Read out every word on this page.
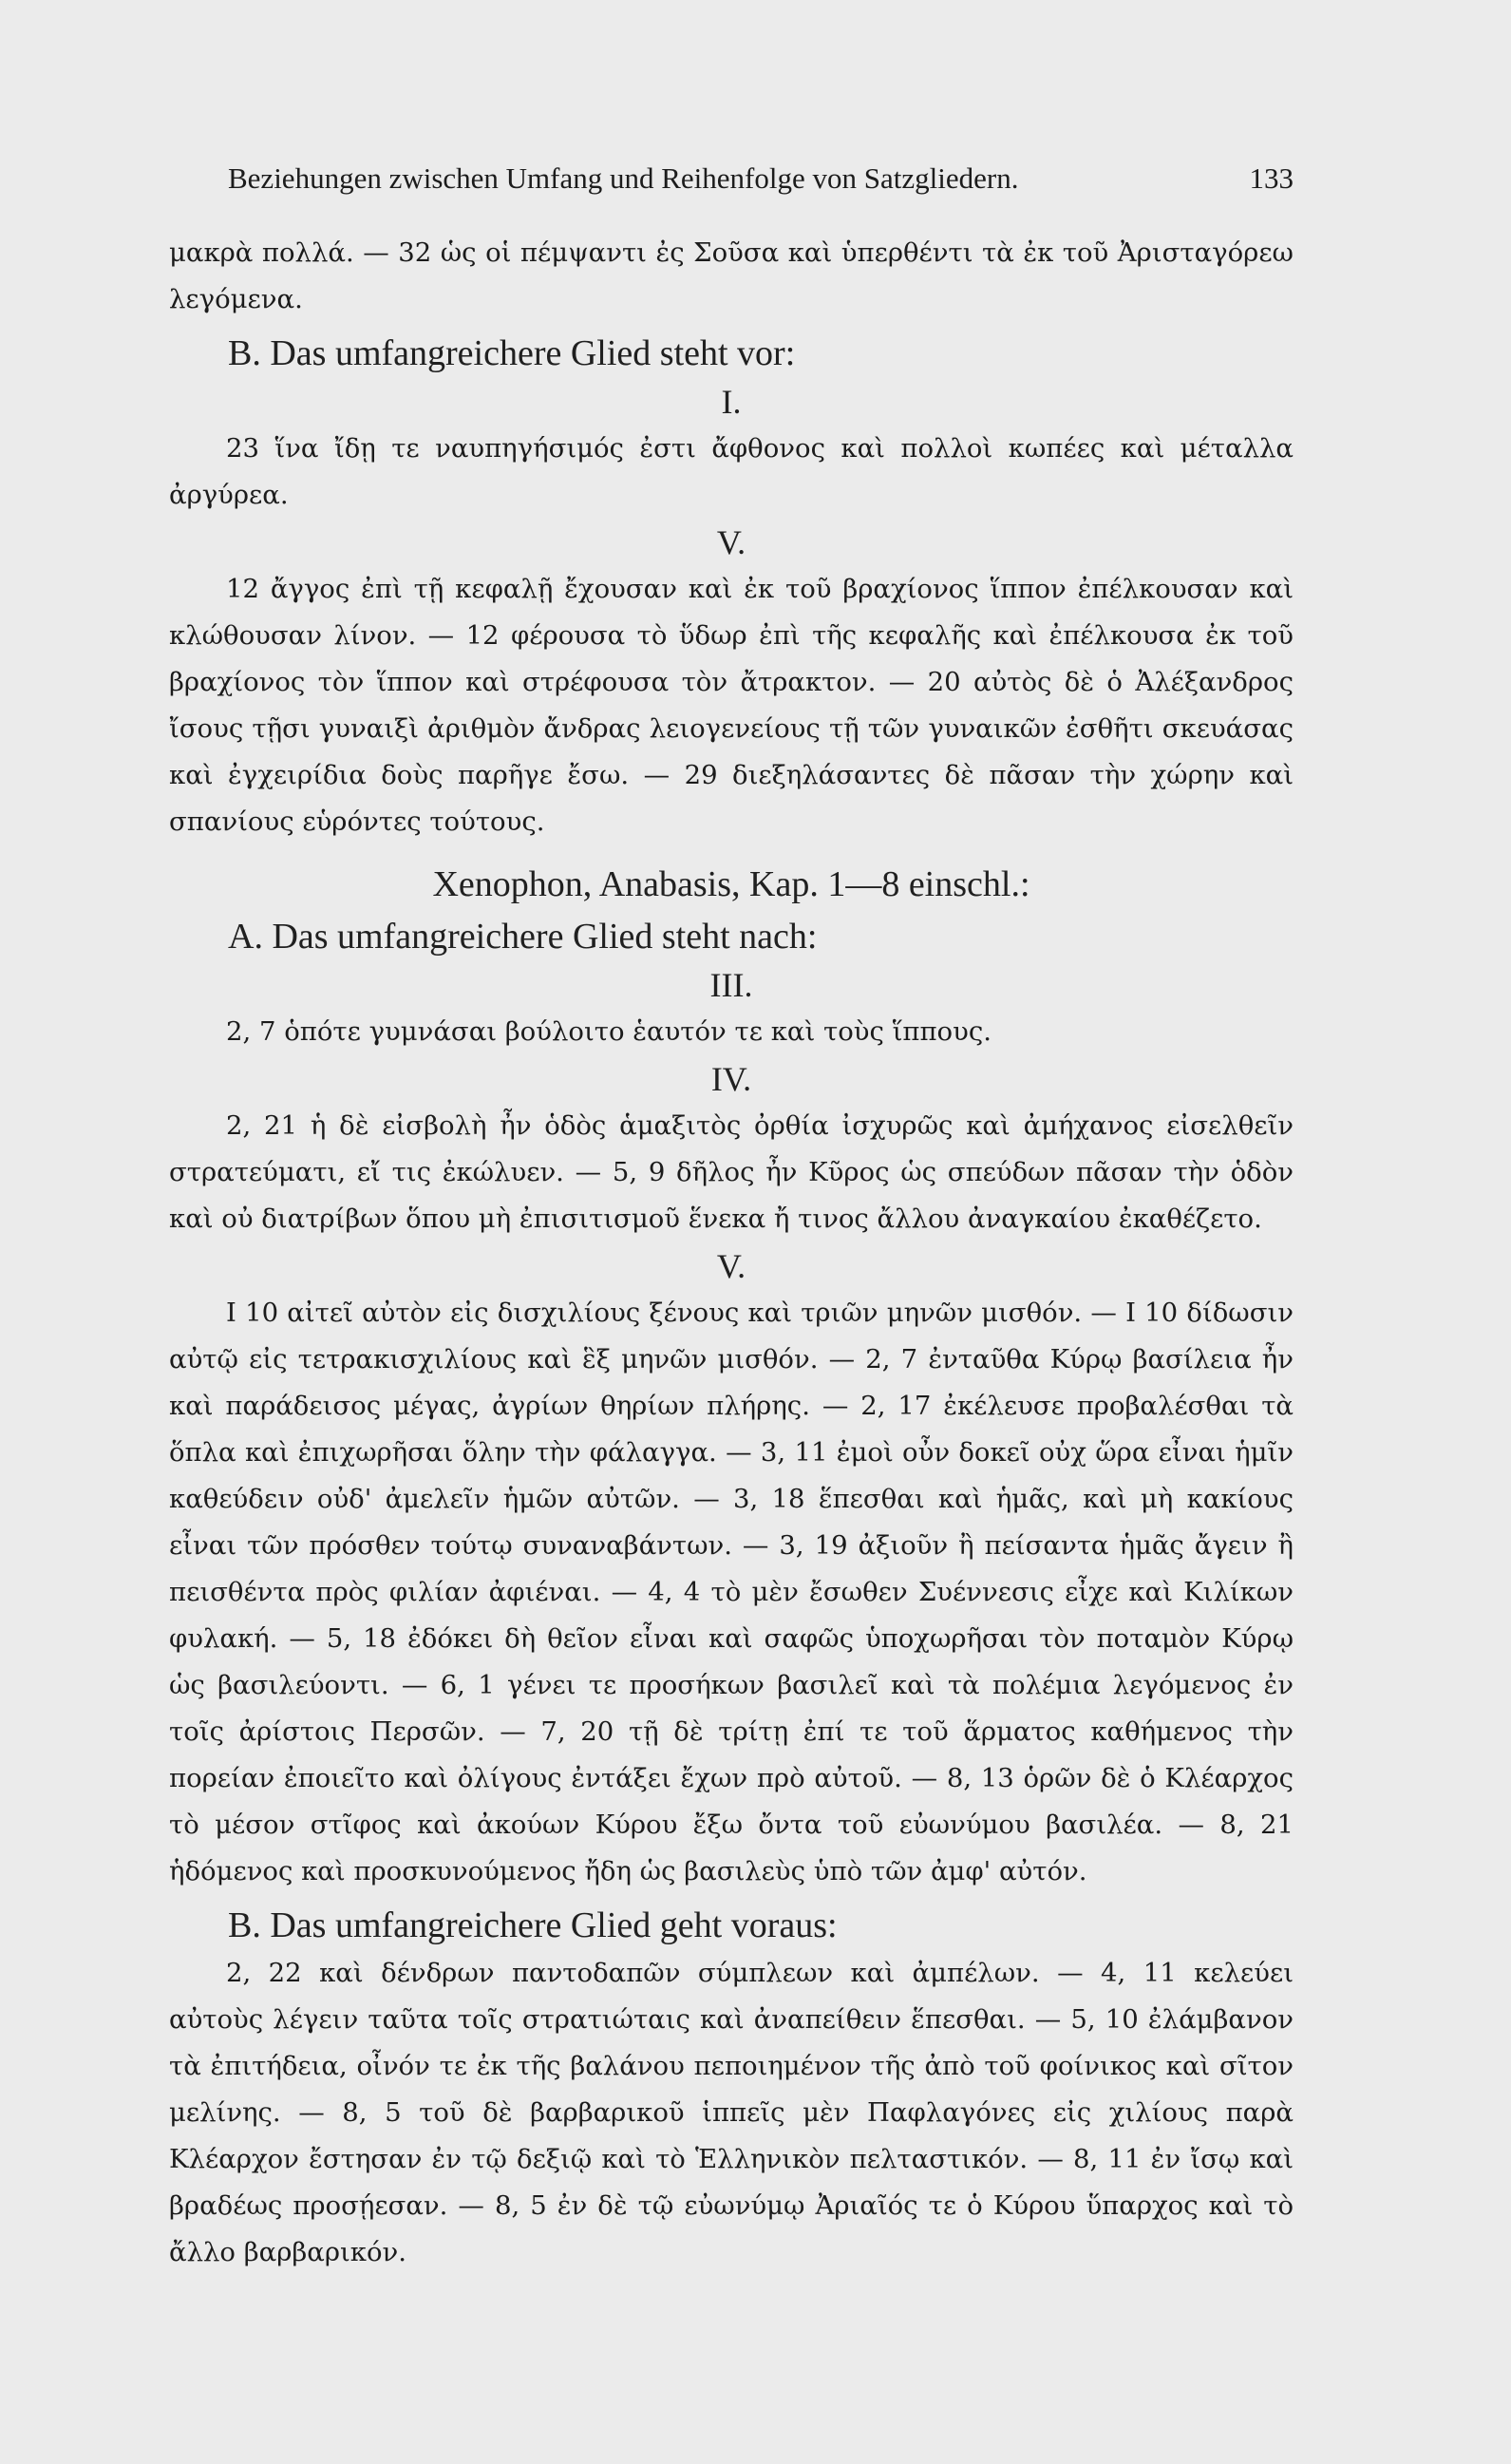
Beziehungen zwischen Umfang und Reihenfolge von Satzgliedern.	133

μακρὰ πολλά. — 32 ὡς οἱ πέμψαντι ἐς Σοῦσα καὶ ὑπερθέντι τὰ ἐκ τοῦ Ἀρισταγόρεω λεγόμενα.

B. Das umfangreichere Glied steht vor:

I.

23 ἵνα ἴδῃ τε ναυπηγήσιμός ἐστι ἄφθονος καὶ πολλοὶ κωπέες καὶ μέταλλα ἀργύρεα.

V.

12 ἄγγος ἐπὶ τῇ κεφαλῇ ἔχουσαν καὶ ἐκ τοῦ βραχίονος ἵππον ἐπέλκουσαν καὶ κλώθουσαν λίνον. — 12 φέρουσα τὸ ὕδωρ ἐπὶ τῆς κεφαλῆς καὶ ἐπέλκουσα ἐκ τοῦ βραχίονος τὸν ἵππον καὶ στρέφουσα τὸν ἄτρακτον. — 20 αὐτὸς δὲ ὁ Ἀλέξανδρος ἴσους τῇσι γυναιξὶ ἀριθμὸν ἄνδρας λειογενείους τῇ τῶν γυναικῶν ἐσθῆτι σκευάσας καὶ ἐγχειρίδια δοὺς παρῆγε ἔσω. — 29 διεξηλάσαντες δὲ πᾶσαν τὴν χώρην καὶ σπανίους εὑρόντες τούτους.

Xenophon, Anabasis, Kap. 1—8 einschl.:

A. Das umfangreichere Glied steht nach:

III.

2, 7 ὁπότε γυμνάσαι βούλοιτο ἑαυτόν τε καὶ τοὺς ἵππους.

IV.

2, 21 ἡ δὲ εἰσβολὴ ἦν ὁδὸς ἁμαξιτὸς ὀρθία ἰσχυρῶς καὶ ἀμήχανος εἰσελθεῖν στρατεύματι, εἴ τις ἐκώλυεν. — 5, 9 δῆλος ἦν Κῦρος ὡς σπεύδων πᾶσαν τὴν ὁδὸν καὶ οὐ διατρίβων ὅπου μὴ ἐπισιτισμοῦ ἕνεκα ἤ τινος ἄλλου ἀναγκαίου ἐκαθέζετο.

V.

I 10 αἰτεῖ αὐτὸν εἰς δισχιλίους ξένους καὶ τριῶν μηνῶν μισθόν. — I 10 δίδωσιν αὐτῷ εἰς τετρακισχιλίους καὶ ἓξ μηνῶν μισθόν. — 2, 7 ἐνταῦθα Κύρῳ βασίλεια ἦν καὶ παράδεισος μέγας, ἀγρίων θηρίων πλήρης. — 2, 17 ἐκέλευσε προβαλέσθαι τὰ ὅπλα καὶ ἐπιχωρῆσαι ὅλην τὴν φάλαγγα. — 3, 11 ἐμοὶ οὖν δοκεῖ οὐχ ὥρα εἶναι ἡμῖν καθεύδειν οὐδ' ἀμελεῖν ἡμῶν αὐτῶν. — 3, 18 ἕπεσθαι καὶ ἡμᾶς, καὶ μὴ κακίους εἶναι τῶν πρόσθεν τούτῳ συναναβάντων. — 3, 19 ἀξιοῦν ἢ πείσαντα ἡμᾶς ἄγειν ἢ πεισθέντα πρὸς φιλίαν ἀφιέναι. — 4, 4 τὸ μὲν ἔσωθεν Συέννεσις εἶχε καὶ Κιλίκων φυλακή. — 5, 18 ἐδόκει δὴ θεῖον εἶναι καὶ σαφῶς ὑποχωρῆσαι τὸν ποταμὸν Κύρῳ ὡς βασιλεύοντι. — 6, 1 γένει τε προσήκων βασιλεῖ καὶ τὰ πολέμια λεγόμενος ἐν τοῖς ἀρίστοις Περσῶν. — 7, 20 τῇ δὲ τρίτῃ ἐπί τε τοῦ ἅρματος καθήμενος τὴν πορείαν ἐποιεῖτο καὶ ὀλίγους ἐντάξει ἔχων πρὸ αὐτοῦ. — 8, 13 ὁρῶν δὲ ὁ Κλέαρχος τὸ μέσον στῖφος καὶ ἀκούων Κύρου ἔξω ὄντα τοῦ εὐωνύμου βασιλέα. — 8, 21 ἡδόμενος καὶ προσκυνούμενος ἤδη ὡς βασιλεὺς ὑπὸ τῶν ἀμφ' αὐτόν.

B. Das umfangreichere Glied geht voraus:

2, 22 καὶ δένδρων παντοδαπῶν σύμπλεων καὶ ἀμπέλων. — 4, 11 κελεύει αὐτοὺς λέγειν ταῦτα τοῖς στρατιώταις καὶ ἀναπείθειν ἕπεσθαι. — 5, 10 ἐλάμβανον τὰ ἐπιτήδεια, οἶνόν τε ἐκ τῆς βαλάνου πεποιημένον τῆς ἀπὸ τοῦ φοίνικος καὶ σῖτον μελίνης. — 8, 5 τοῦ δὲ βαρβαρικοῦ ἱππεῖς μὲν Παφλαγόνες εἰς χιλίους παρὰ Κλέαρχον ἔστησαν ἐν τῷ δεξιῷ καὶ τὸ Ἑλληνικὸν πελταστικόν. — 8, 11 ἐν ἴσῳ καὶ βραδέως προσῄεσαν. — 8, 5 ἐν δὲ τῷ εὐωνύμῳ Ἀριαῖός τε ὁ Κύρου ὕπαρχος καὶ τὸ ἄλλο βαρβαρικόν.
